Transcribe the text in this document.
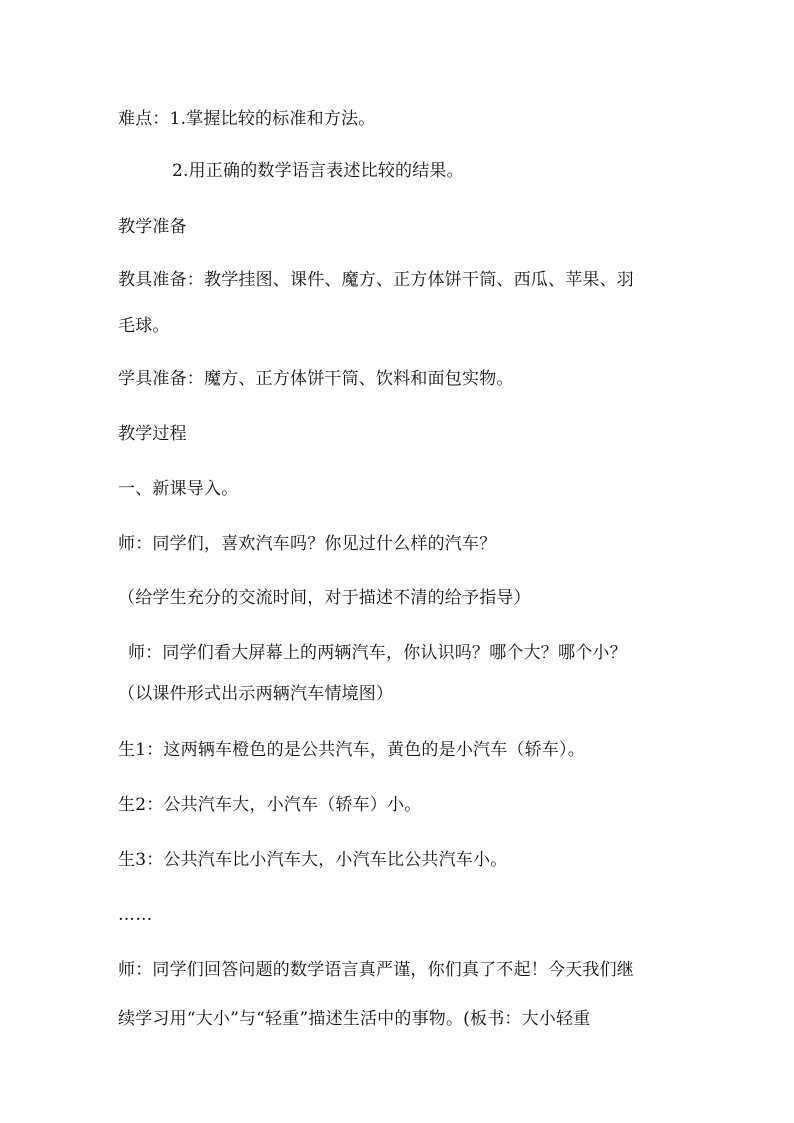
难点：1.掌握比较的标准和方法。
2.用正确的数学语言表述比较的结果。
教学准备
教具准备：教学挂图、课件、魔方、正方体饼干筒、西瓜、苹果、羽
毛球。
学具准备：魔方、正方体饼干筒、饮料和面包实物。
教学过程
一、新课导入。
师：同学们，喜欢汽车吗？你见过什么样的汽车？
（给学生充分的交流时间，对于描述不清的给予指导）
师：同学们看大屏幕上的两辆汽车，你认识吗？哪个大？哪个小？
（以课件形式出示两辆汽车情境图）
生1：这两辆车橙色的是公共汽车，黄色的是小汽车（轿车）。
生2：公共汽车大，小汽车（轿车）小。
生3：公共汽车比小汽车大，小汽车比公共汽车小。
……
师：同学们回答问题的数学语言真严谨，你们真了不起！今天我们继
续学习用“大小”与“轻重”描述生活中的事物。(板书：大小轻重
